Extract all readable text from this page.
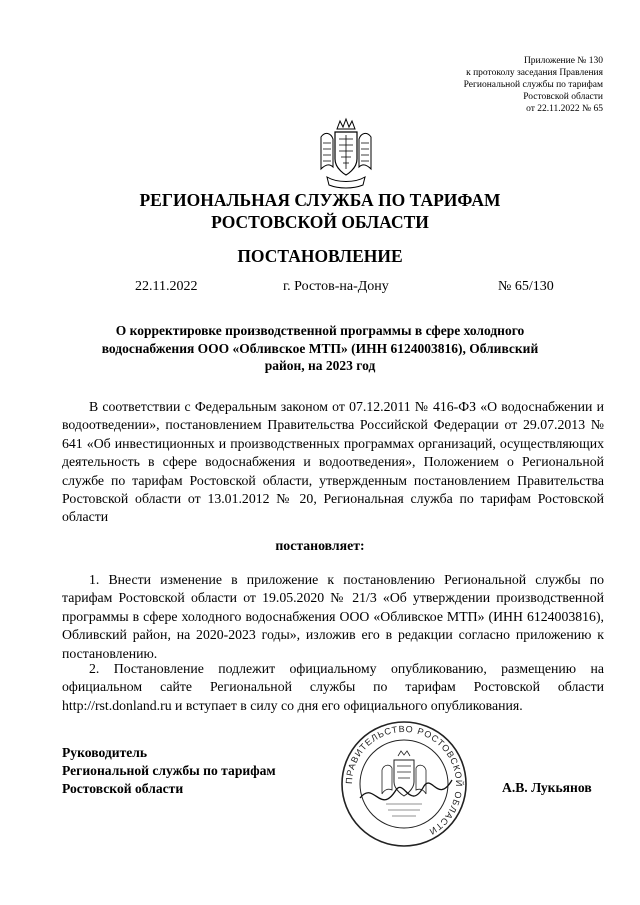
Приложение № 130
к протоколу заседания Правления
Региональной службы по тарифам
Ростовской области
от 22.11.2022 № 65
РЕГИОНАЛЬНАЯ СЛУЖБА ПО ТАРИФАМ
РОСТОВСКОЙ ОБЛАСТИ
ПОСТАНОВЛЕНИЕ
22.11.2022	г. Ростов-на-Дону	№ 65/130
О корректировке производственной программы в сфере холодного водоснабжения ООО «Обливское МТП» (ИНН 6124003816), Обливский район, на 2023 год
В соответствии с Федеральным законом от 07.12.2011 № 416-ФЗ «О водоснабжении и водоотведении», постановлением Правительства Российской Федерации от 29.07.2013 № 641 «Об инвестиционных и производственных программах организаций, осуществляющих деятельность в сфере водоснабжения и водоотведения», Положением о Региональной службе по тарифам Ростовской области, утвержденным постановлением Правительства Ростовской области от 13.01.2012 № 20, Региональная служба по тарифам Ростовской области
постановляет:
1. Внести изменение в приложение к постановлению Региональной службы по тарифам Ростовской области от 19.05.2020 № 21/3 «Об утверждении производственной программы в сфере холодного водоснабжения ООО «Обливское МТП» (ИНН 6124003816), Обливский район, на 2020-2023 годы», изложив его в редакции согласно приложению к постановлению.
2. Постановление подлежит официальному опубликованию, размещению на официальном сайте Региональной службы по тарифам Ростовской области http://rst.donland.ru и вступает в силу со дня его официального опубликования.
Руководитель
Региональной службы по тарифам
Ростовской области
ПРАВИТЕЛЬСТВО РОСТОВСКОЙ ОБЛАСТИ
А.В. Лукьянов
